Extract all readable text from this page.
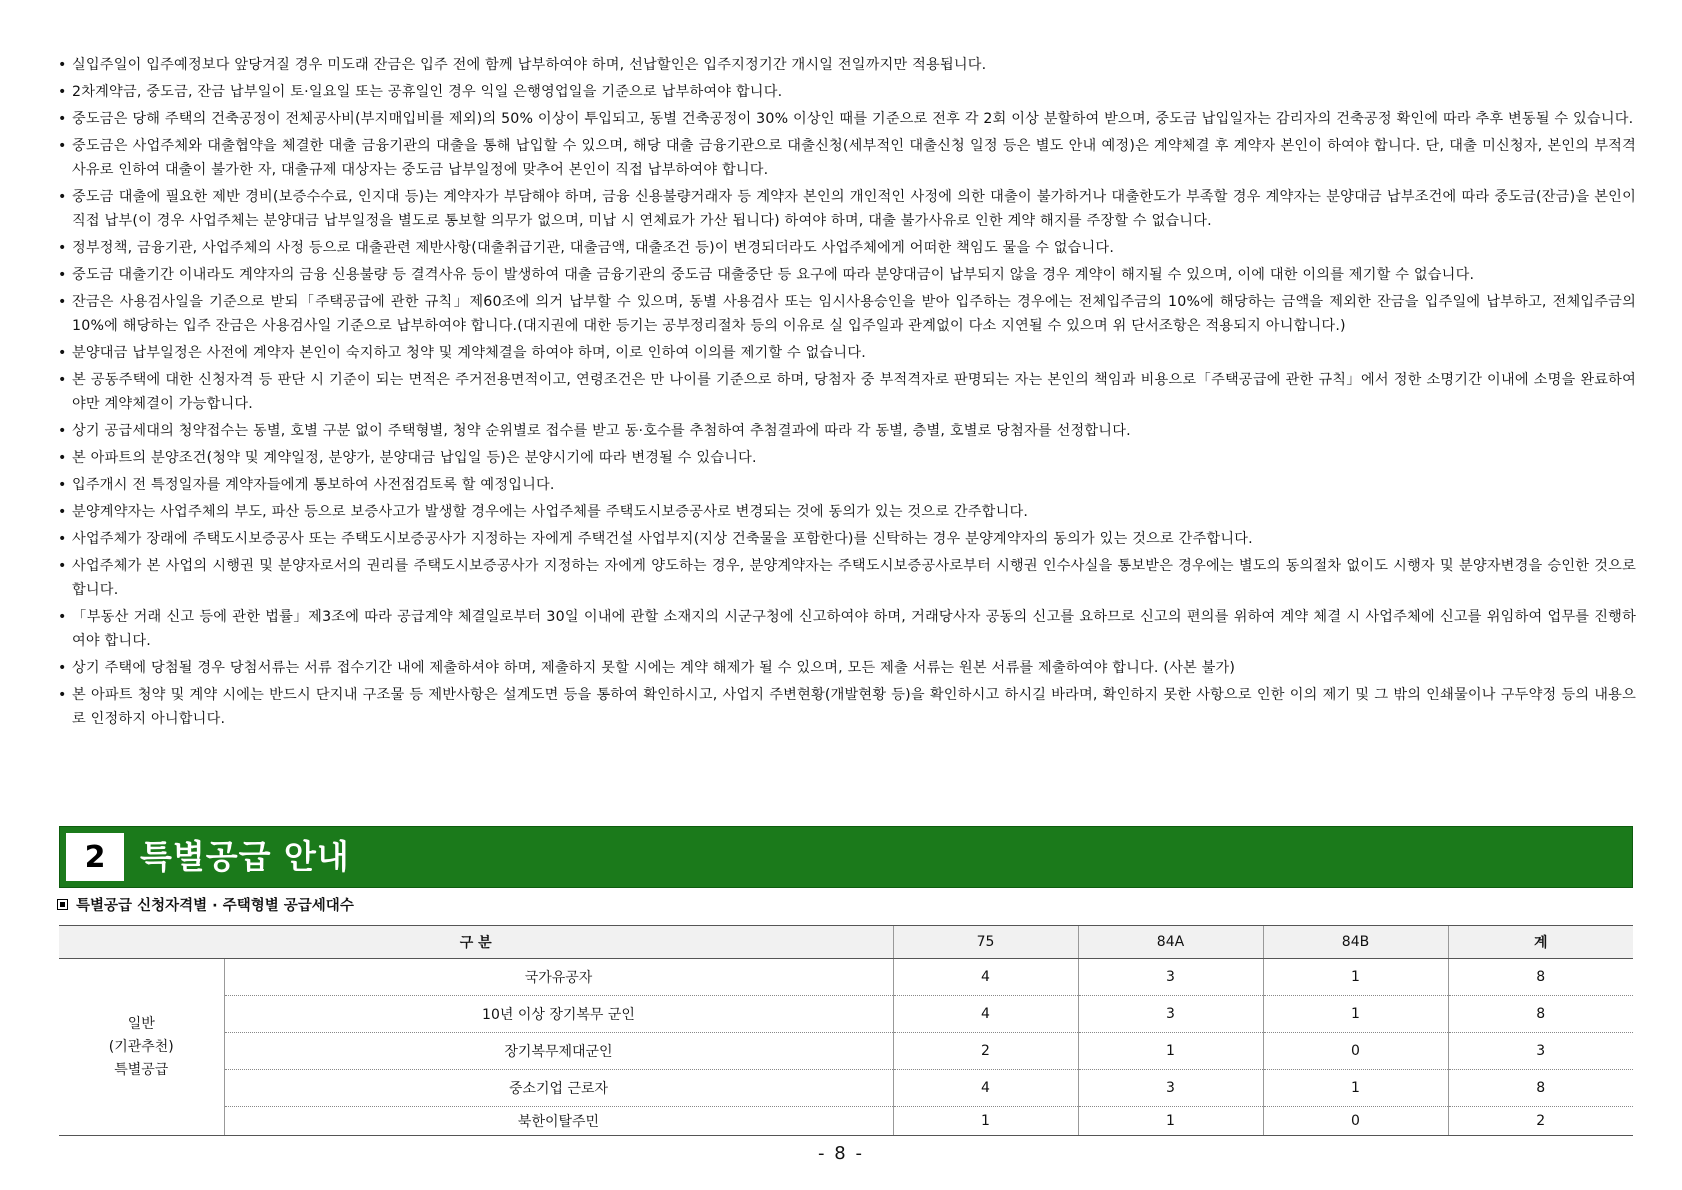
• 실입주일이 입주예정보다 앞당겨질 경우 미도래 잔금은 입주 전에 함께 납부하여야 하며, 선납할인은 입주지정기간 개시일 전일까지만 적용됩니다.
• 2차계약금, 중도금, 잔금 납부일이 토·일요일 또는 공휴일인 경우 익일 은행영업일을 기준으로 납부하여야 합니다.
• 중도금은 당해 주택의 건축공정이 전체공사비(부지매입비를 제외)의 50% 이상이 투입되고, 동별 건축공정이 30% 이상인 때를 기준으로 전후 각 2회 이상 분할하여 받으며, 중도금 납입일자는 감리자의 건축공정 확인에 따라 추후 변동될 수 있습니다.
• 중도금은 사업주체와 대출협약을 체결한 대출 금융기관의 대출을 통해 납입할 수 있으며, 해당 대출 금융기관으로 대출신청(세부적인 대출신청 일정 등은 별도 안내 예정)은 계약체결 후 계약자 본인이 하여야 합니다. 단, 대출 미신청자, 본인의 부적격 사유로 인하여 대출이 불가한 자, 대출규제 대상자는 중도금 납부일정에 맞추어 본인이 직접 납부하여야 합니다.
• 중도금 대출에 필요한 제반 경비(보증수수료, 인지대 등)는 계약자가 부담해야 하며, 금융 신용불량거래자 등 계약자 본인의 개인적인 사정에 의한 대출이 불가하거나 대출한도가 부족할 경우 계약자는 분양대금 납부조건에 따라 중도금(잔금)을 본인이 직접 납부(이 경우 사업주체는 분양대금 납부일정을 별도로 통보할 의무가 없으며, 미납 시 연체료가 가산 됩니다) 하여야 하며, 대출 불가사유로 인한 계약 해지를 주장할 수 없습니다.
• 정부정책, 금융기관, 사업주체의 사정 등으로 대출관련 제반사항(대출취급기관, 대출금액, 대출조건 등)이 변경되더라도 사업주체에게 어떠한 책임도 물을 수 없습니다.
• 중도금 대출기간 이내라도 계약자의 금융 신용불량 등 결격사유 등이 발생하여 대출 금융기관의 중도금 대출중단 등 요구에 따라 분양대금이 납부되지 않을 경우 계약이 해지될 수 있으며, 이에 대한 이의를 제기할 수 없습니다.
• 잔금은 사용검사일을 기준으로 받되「주택공급에 관한 규칙」제60조에 의거 납부할 수 있으며, 동별 사용검사 또는 임시사용승인을 받아 입주하는 경우에는 전체입주금의 10%에 해당하는 금액을 제외한 잔금을 입주일에 납부하고, 전체입주금의 10%에 해당하는 입주 잔금은 사용검사일 기준으로 납부하여야 합니다.(대지권에 대한 등기는 공부정리절차 등의 이유로 실 입주일과 관계없이 다소 지연될 수 있으며 위 단서조항은 적용되지 아니합니다.)
• 분양대금 납부일정은 사전에 계약자 본인이 숙지하고 청약 및 계약체결을 하여야 하며, 이로 인하여 이의를 제기할 수 없습니다.
• 본 공동주택에 대한 신청자격 등 판단 시 기준이 되는 면적은 주거전용면적이고, 연령조건은 만 나이를 기준으로 하며, 당첨자 중 부적격자로 판명되는 자는 본인의 책임과 비용으로「주택공급에 관한 규칙」에서 정한 소명기간 이내에 소명을 완료하여야만 계약체결이 가능합니다.
• 상기 공급세대의 청약접수는 동별, 호별 구분 없이 주택형별, 청약 순위별로 접수를 받고 동·호수를 추첨하여 추첨결과에 따라 각 동별, 층별, 호별로 당첨자를 선정합니다.
• 본 아파트의 분양조건(청약 및 계약일정, 분양가, 분양대금 납입일 등)은 분양시기에 따라 변경될 수 있습니다.
• 입주개시 전 특정일자를 계약자들에게 통보하여 사전점검토록 할 예정입니다.
• 분양계약자는 사업주체의 부도, 파산 등으로 보증사고가 발생할 경우에는 사업주체를 주택도시보증공사로 변경되는 것에 동의가 있는 것으로 간주합니다.
• 사업주체가 장래에 주택도시보증공사 또는 주택도시보증공사가 지정하는 자에게 주택건설 사업부지(지상 건축물을 포함한다)를 신탁하는 경우 분양계약자의 동의가 있는 것으로 간주합니다.
• 사업주체가 본 사업의 시행권 및 분양자로서의 권리를 주택도시보증공사가 지정하는 자에게 양도하는 경우, 분양계약자는 주택도시보증공사로부터 시행권 인수사실을 통보받은 경우에는 별도의 동의절차 없이도 시행자 및 분양자변경을 승인한 것으로 합니다.
• 「부동산 거래 신고 등에 관한 법률」제3조에 따라 공급계약 체결일로부터 30일 이내에 관할 소재지의 시군구청에 신고하여야 하며, 거래당사자 공동의 신고를 요하므로 신고의 편의를 위하여 계약 체결 시 사업주체에 신고를 위임하여 업무를 진행하여야 합니다.
• 상기 주택에 당첨될 경우 당첨서류는 서류 접수기간 내에 제출하셔야 하며, 제출하지 못할 시에는 계약 해제가 될 수 있으며, 모든 제출 서류는 원본 서류를 제출하여야 합니다. (사본 불가)
• 본 아파트 청약 및 계약 시에는 반드시 단지내 구조물 등 제반사항은 설계도면 등을 통하여 확인하시고, 사업지 주변현황(개발현황 등)을 확인하시고 하시길 바라며, 확인하지 못한 사항으로 인한 이의 제기 및 그 밖의 인쇄물이나 구두약정 등의 내용으로 인정하지 아니합니다.
2	특별공급 안내
특별공급 신청자격별 · 주택형별 공급세대수
구 분		75	84A	84B	계

일반
(기관추천)
특별공급	국가유공자	4	3	1	8
	10년 이상 장기복무 군인	4	3	1	8
	장기복무제대군인	2	1	0	3
	중소기업 근로자	4	3	1	8
	북한이탈주민	1	1	0	2
- 8 -
